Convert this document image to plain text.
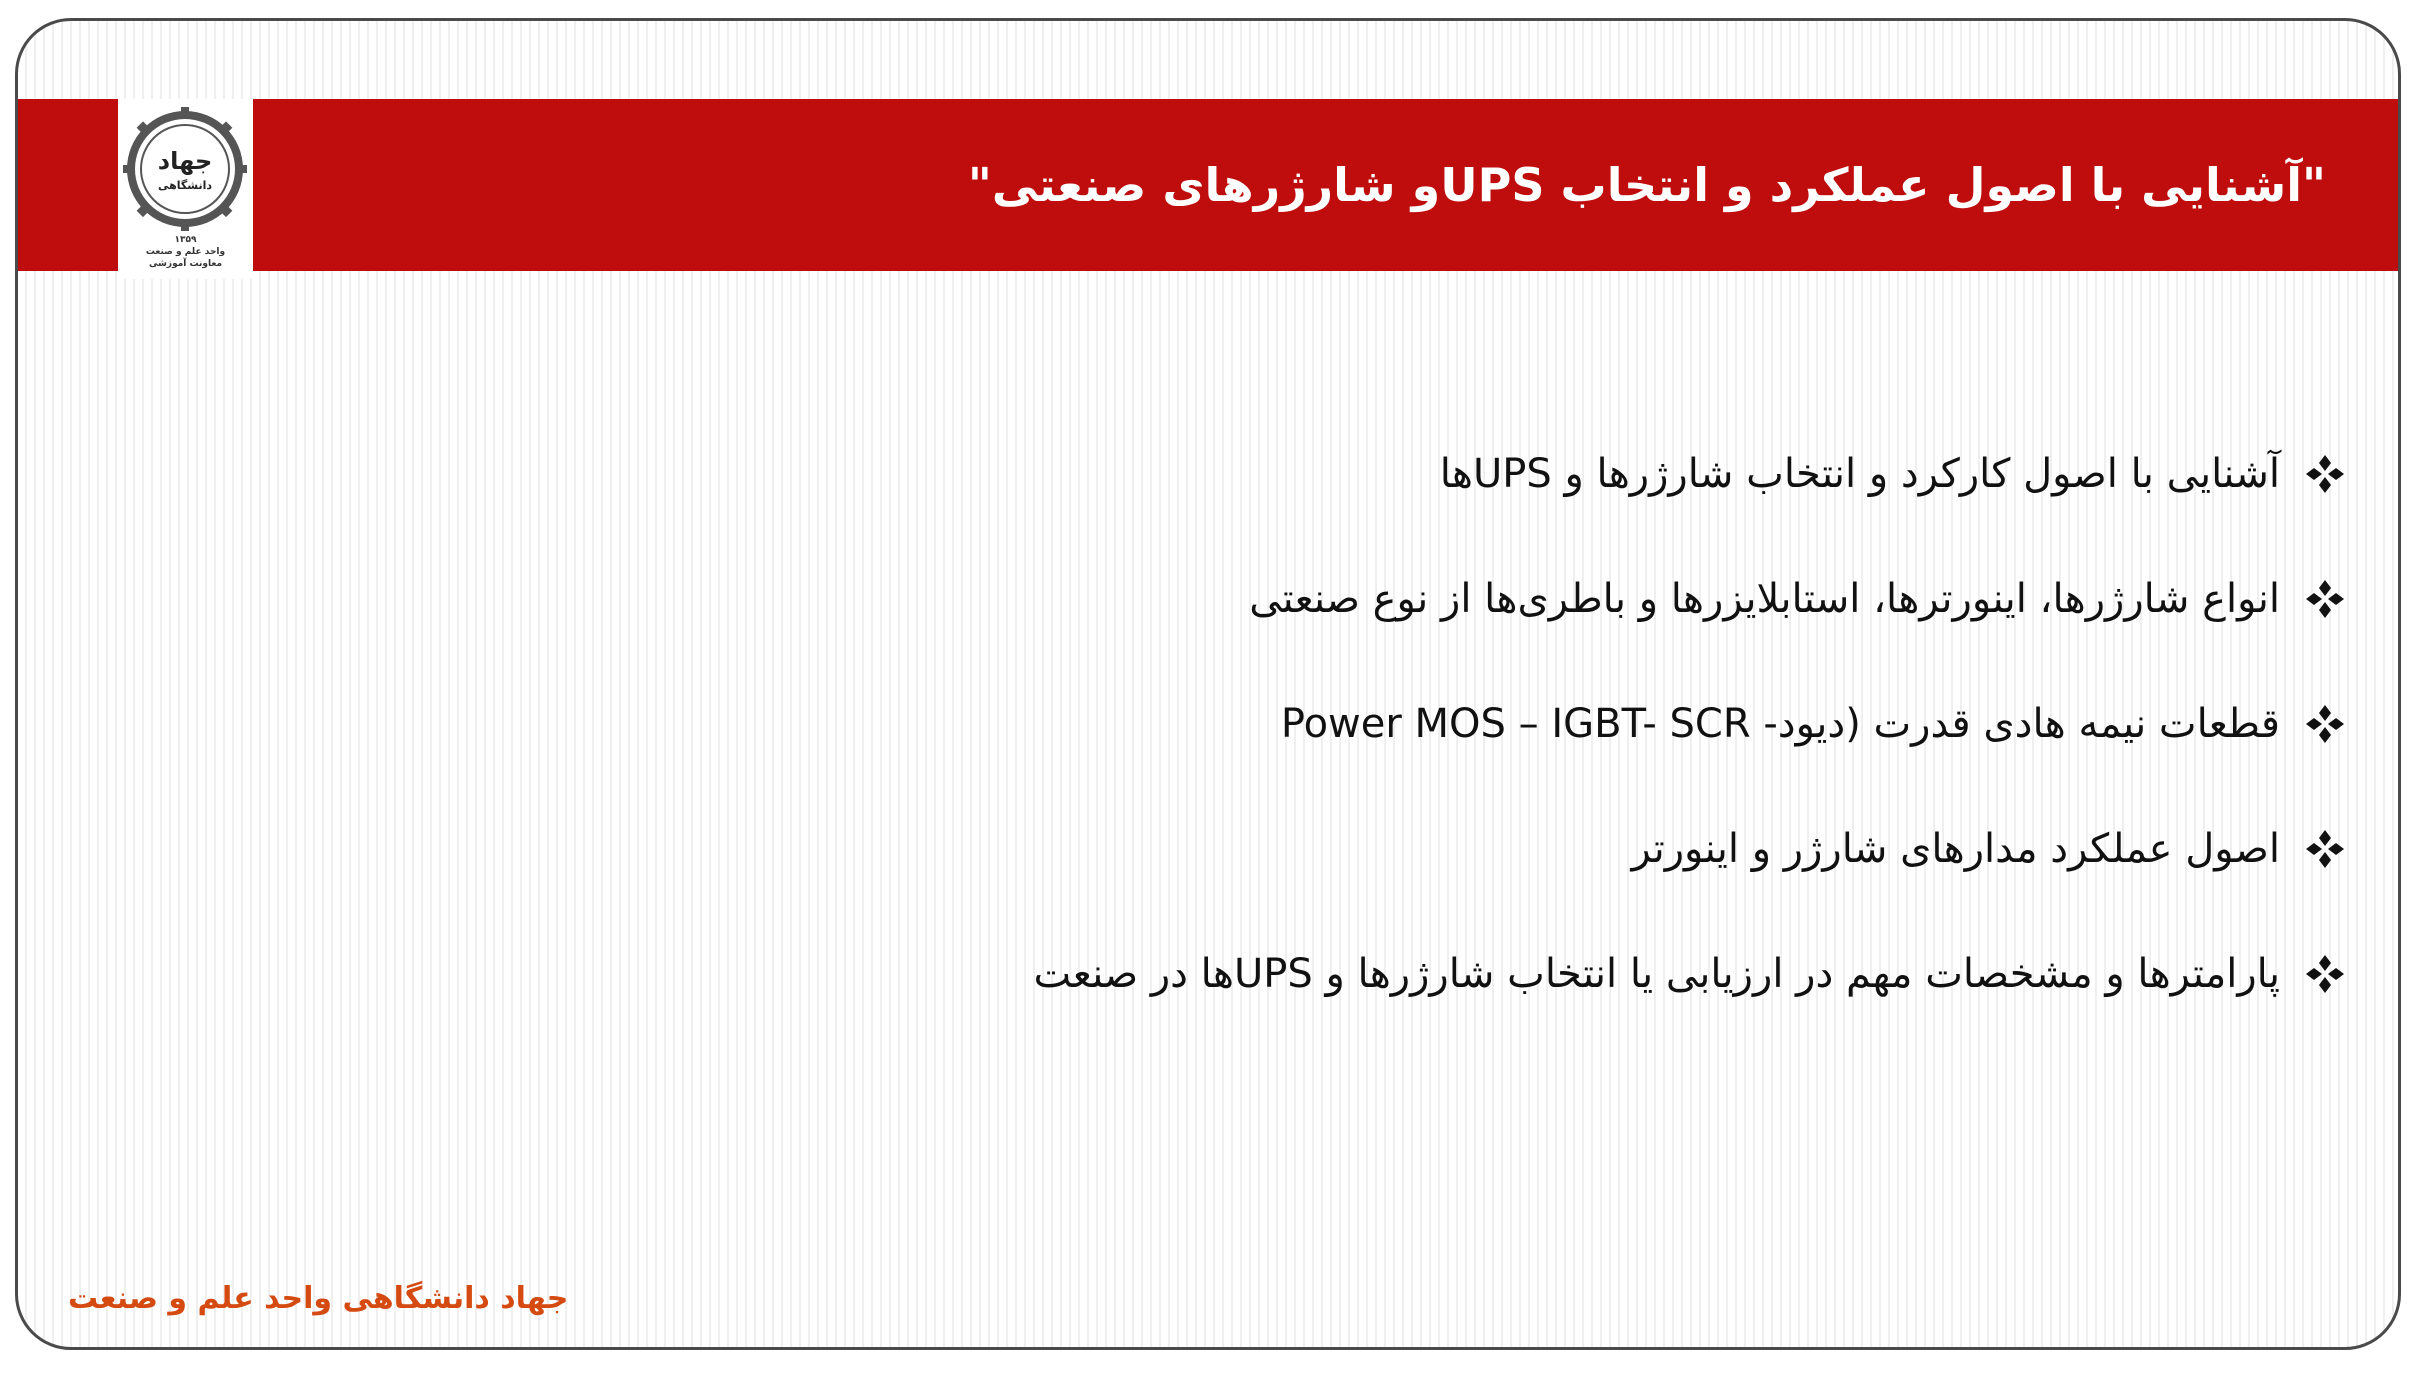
جهاد
دانشگاهی
۱۳۵۹
واحد علم و صنعت
معاونت آموزشی
"آشنایی با اصول عملکرد و انتخاب UPSو شارژرهای صنعتی"
آشنایی با اصول کارکرد و انتخاب شارژرها و UPSها
انواع شارژرها، اینورترها، استابلایزرها و باطری‌ها از نوع صنعتی
قطعات نیمه هادی قدرت (دیود- Power MOS – IGBT- SCR
اصول عملکرد مدارهای شارژر و اینورتر
پارامترها و مشخصات مهم در ارزیابی یا انتخاب شارژرها و UPSها در صنعت
جهاد دانشگاهی واحد علم و صنعت
